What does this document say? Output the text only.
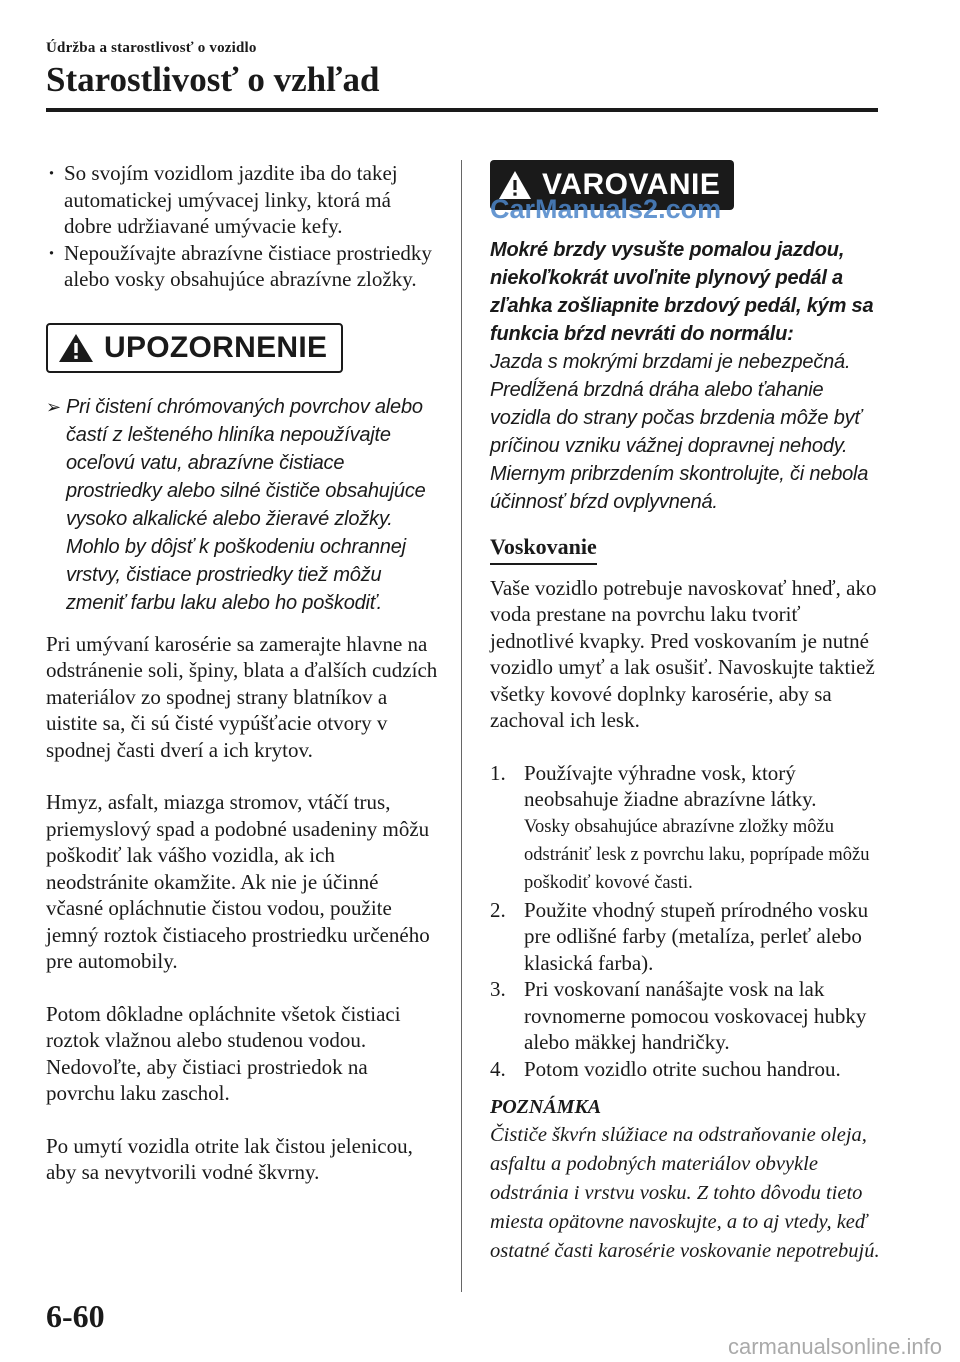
Údržba a starostlivosť o vozidlo
Starostlivosť o vzhľad
· So svojím vozidlom jazdite iba do takej automatickej umývacej linky, ktorá má dobre udržiavané umývacie kefy.
· Nepoužívajte abrazívne čistiace prostriedky alebo vosky obsahujúce abrazívne zložky.
UPOZORNENIE
➢ Pri čistení chrómovaných povrchov alebo častí z lešteného hliníka nepoužívajte oceľovú vatu, abrazívne čistiace prostriedky alebo silné čističe obsahujúce vysoko alkalické alebo žieravé zložky. Mohlo by dôjsť k poškodeniu ochrannej vrstvy, čistiace prostriedky tiež môžu zmeniť farbu laku alebo ho poškodiť.

Pri umývaní karosérie sa zamerajte hlavne na odstránenie soli, špiny, blata a ďalších cudzích materiálov zo spodnej strany blatníkov a uistite sa, či sú čisté vypúšťacie otvory v spodnej časti dverí a ich krytov.

Hmyz, asfalt, miazga stromov, vtáčí trus, priemyslový spad a podobné usadeniny môžu poškodiť lak vášho vozidla, ak ich neodstránite okamžite. Ak nie je účinné včasné opláchnutie čistou vodou, použite jemný roztok čistiaceho prostriedku určeného pre automobily.

Potom dôkladne opláchnite všetok čistiaci roztok vlažnou alebo studenou vodou. Nedovoľte, aby čistiaci prostriedok na povrchu laku zaschol.

Po umytí vozidla otrite lak čistou jelenicou, aby sa nevytvorili vodné škvrny.

VAROVANIE
Mokré brzdy vysušte pomalou jazdou, niekoľkokrát uvoľnite plynový pedál a zľahka zošliapnite brzdový pedál, kým sa funkcia bŕzd nevráti do normálu:
Jazda s mokrými brzdami je nebezpečná. Predĺžená brzdná dráha alebo ťahanie vozidla do strany počas brzdenia môže byť príčinou vzniku vážnej dopravnej nehody. Miernym pribrzdením skontrolujte, či nebola účinnosť bŕzd ovplyvnená.
Voskovanie

Vaše vozidlo potrebuje navoskovať hneď, ako voda prestane na povrchu laku tvoriť jednotlivé kvapky. Pred voskovaním je nutné vozidlo umyť a lak osušiť. Navoskujte taktiež všetky kovové doplnky karosérie, aby sa zachoval ich lesk.

1. Používajte výhradne vosk, ktorý neobsahuje žiadne abrazívne látky.
Vosky obsahujúce abrazívne zložky môžu odstrániť lesk z povrchu laku, poprípade môžu poškodiť kovové časti.
2. Použite vhodný stupeň prírodného vosku pre odlišné farby (metalíza, perleť alebo klasická farba).
3. Pri voskovaní nanášajte vosk na lak rovnomerne pomocou voskovacej hubky alebo mäkkej handričky.
4. Potom vozidlo otrite suchou handrou.
POZNÁMKA
Čističe škvŕn slúžiace na odstraňovanie oleja, asfaltu a podobných materiálov obvykle odstránia i vrstvu vosku. Z tohto dôvodu tieto miesta opätovne navoskujte, a to aj vtedy, keď ostatné časti karosérie voskovanie nepotrebujú.
CarManuals2.com
6-60
carmanualsonline.info
